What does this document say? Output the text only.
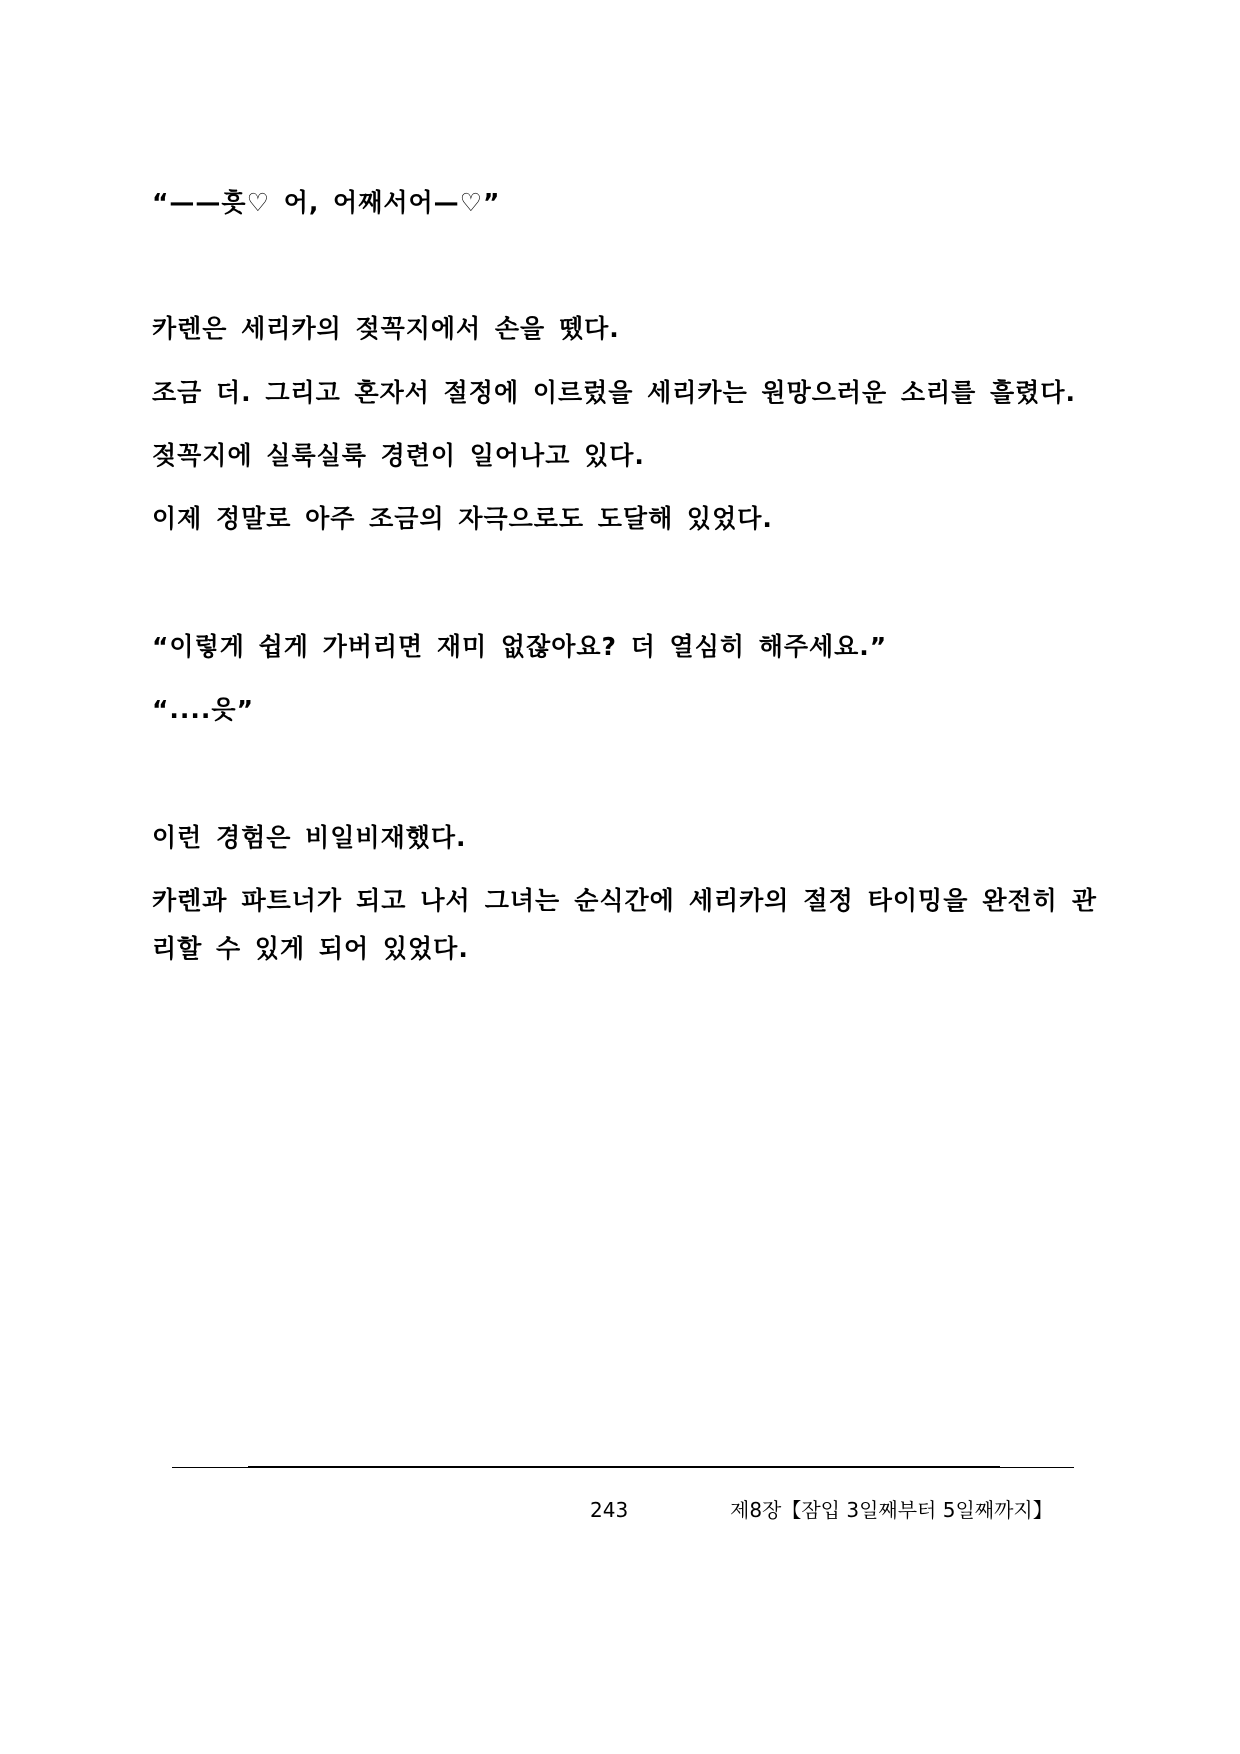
“——흣♡ 어, 어째서어—♡”
카렌은 세리카의 젖꼭지에서 손을 뗐다.
조금 더. 그리고 혼자서 절정에 이르렀을 세리카는 원망으러운 소리를 흘렸다.
젖꼭지에 실룩실룩 경련이 일어나고 있다.
이제 정말로 아주 조금의 자극으로도 도달해 있었다.
“이렇게 쉽게 가버리면 재미 없잖아요? 더 열심히 해주세요.”
“....읏”
이런 경험은 비일비재했다.
카렌과 파트너가 되고 나서 그녀는 순식간에 세리카의 절정 타이밍을 완전히 관리할 수 있게 되어 있었다.
243	제8장【잠입 3일째부터 5일째까지】
